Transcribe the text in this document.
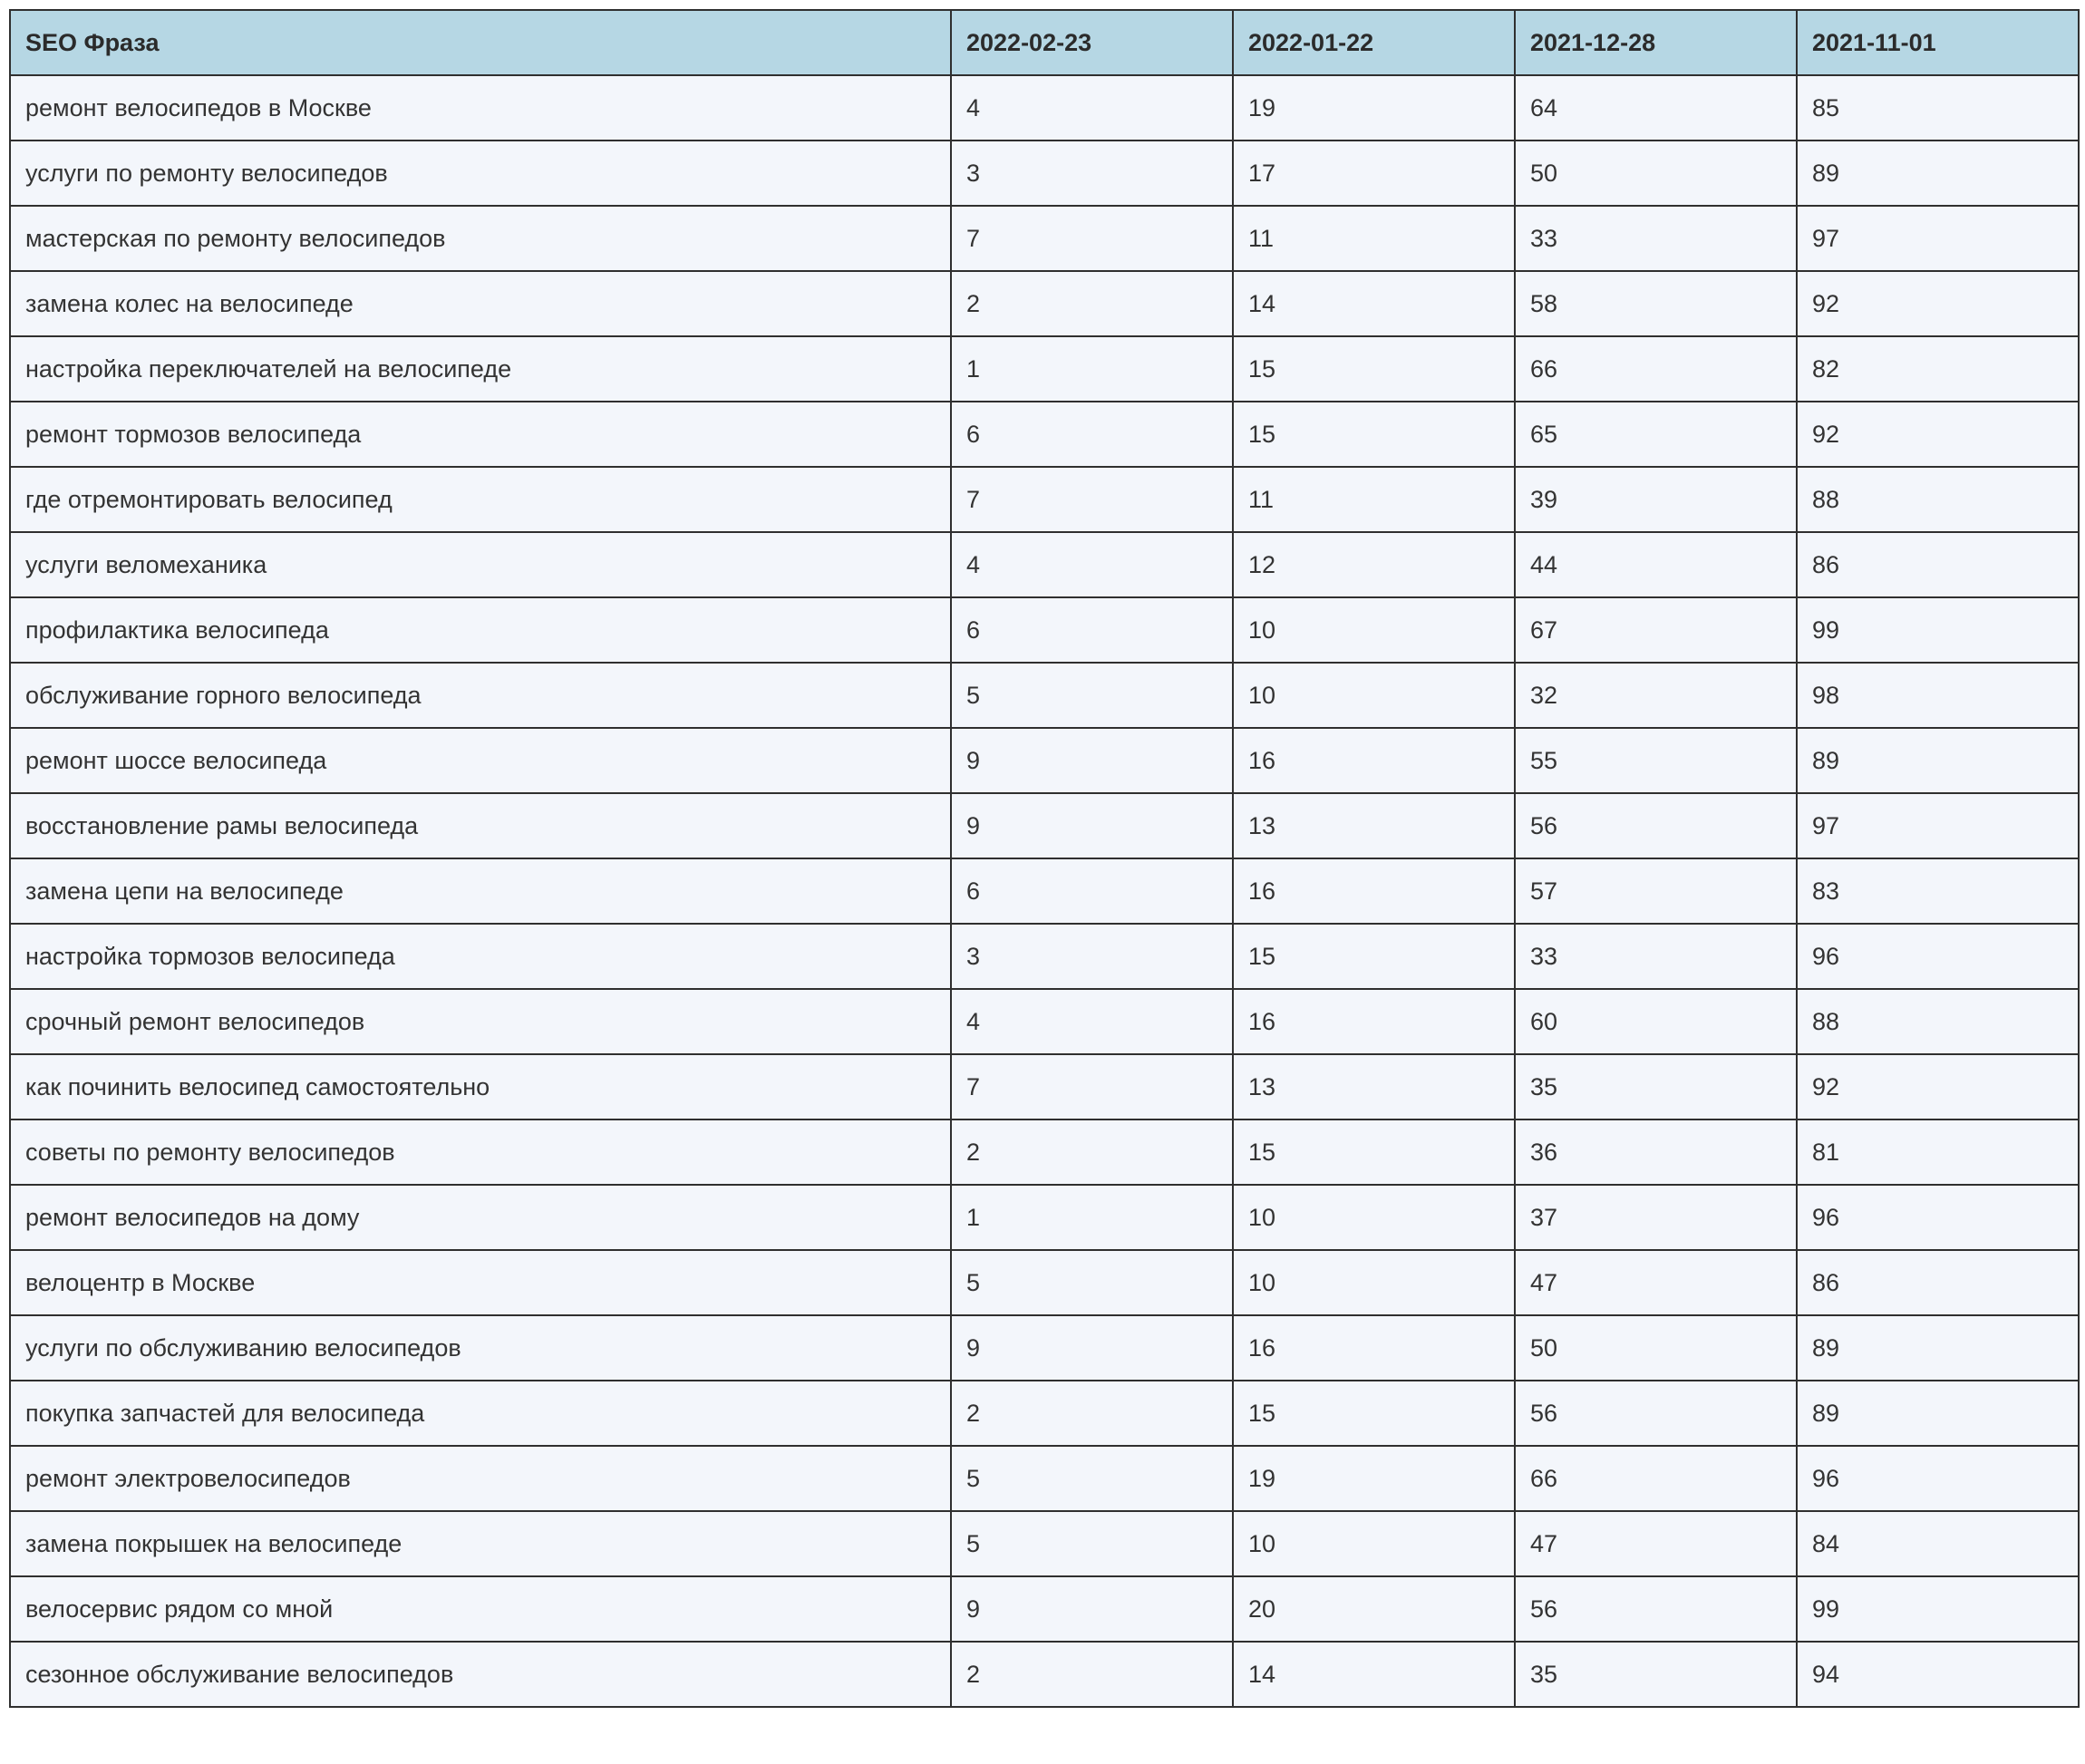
SEO Фраза	2022-02-23	2022-01-22	2021-12-28	2021-11-01
ремонт велосипедов в Москве	4	19	64	85
услуги по ремонту велосипедов	3	17	50	89
мастерская по ремонту велосипедов	7	11	33	97
замена колес на велосипеде	2	14	58	92
настройка переключателей на велосипеде	1	15	66	82
ремонт тормозов велосипеда	6	15	65	92
где отремонтировать велосипед	7	11	39	88
услуги веломеханика	4	12	44	86
профилактика велосипеда	6	10	67	99
обслуживание горного велосипеда	5	10	32	98
ремонт шоссе велосипеда	9	16	55	89
восстановление рамы велосипеда	9	13	56	97
замена цепи на велосипеде	6	16	57	83
настройка тормозов велосипеда	3	15	33	96
срочный ремонт велосипедов	4	16	60	88
как починить велосипед самостоятельно	7	13	35	92
советы по ремонту велосипедов	2	15	36	81
ремонт велосипедов на дому	1	10	37	96
велоцентр в Москве	5	10	47	86
услуги по обслуживанию велосипедов	9	16	50	89
покупка запчастей для велосипеда	2	15	56	89
ремонт электровелосипедов	5	19	66	96
замена покрышек на велосипеде	5	10	47	84
велосервис рядом со мной	9	20	56	99
сезонное обслуживание велосипедов	2	14	35	94
